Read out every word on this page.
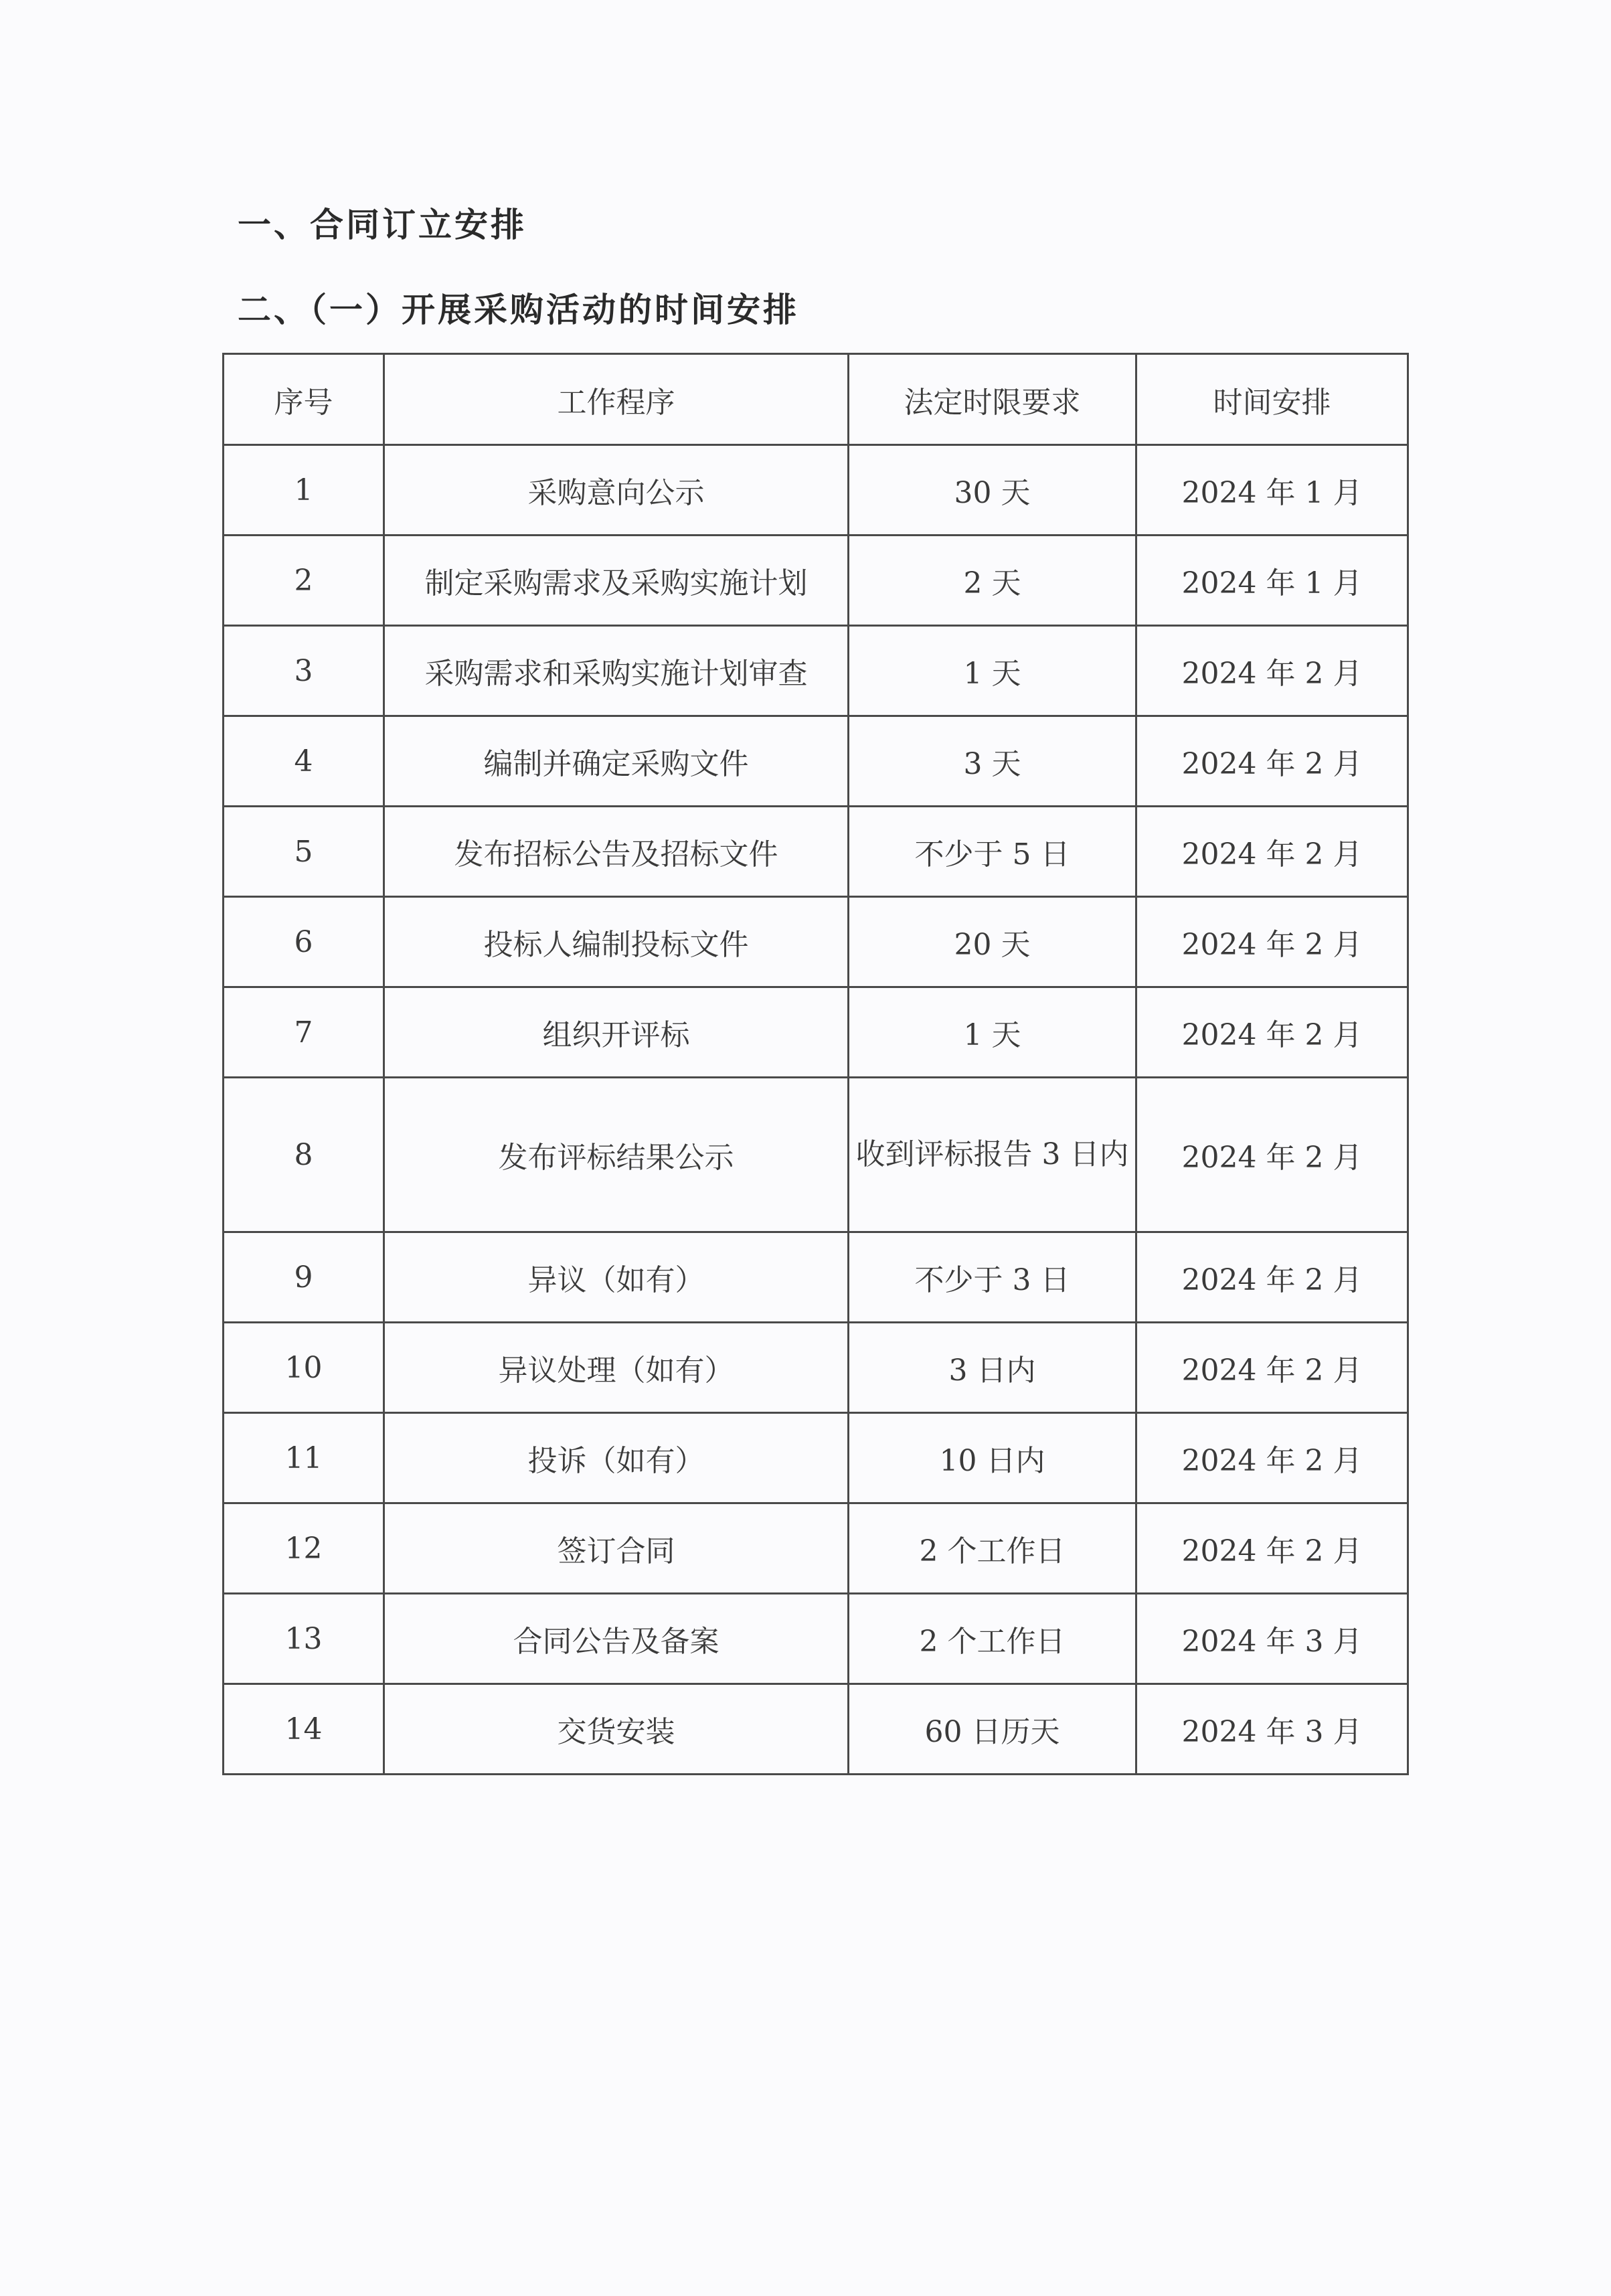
一、合同订立安排
二、（一）开展采购活动的时间安排
序号	工作程序	法定时限要求	时间安排
1	采购意向公示	30 天	2024 年 1 月
2	制定采购需求及采购实施计划	2 天	2024 年 1 月
3	采购需求和采购实施计划审查	1 天	2024 年 2 月
4	编制并确定采购文件	3 天	2024 年 2 月
5	发布招标公告及招标文件	不少于 5 日	2024 年 2 月
6	投标人编制投标文件	20 天	2024 年 2 月
7	组织开评标	1 天	2024 年 2 月
8	发布评标结果公示	收到评标报告 3 日内	2024 年 2 月
9	异议（如有）	不少于 3 日	2024 年 2 月
10	异议处理（如有）	3 日内	2024 年 2 月
11	投诉（如有）	10 日内	2024 年 2 月
12	签订合同	2 个工作日	2024 年 2 月
13	合同公告及备案	2 个工作日	2024 年 3 月
14	交货安装	60 日历天	2024 年 3 月
